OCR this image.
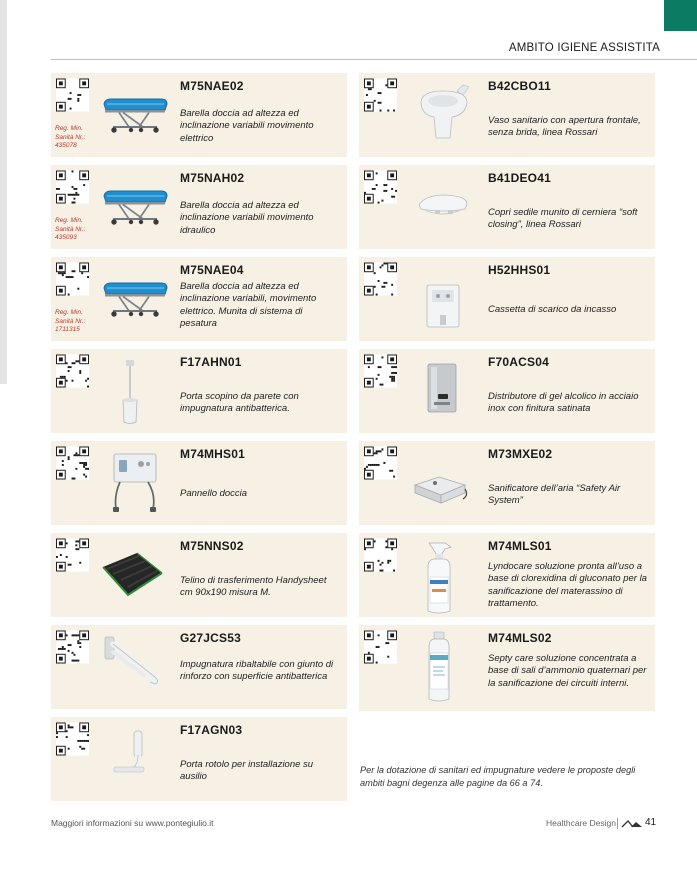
AMBITO IGIENE ASSISTITA
M75NAE02
Barella doccia ad altezza ed inclinazione variabili movimento elettrico
Reg. Min.
Sanità Nr.:
435078
M75NAH02
Barella doccia ad altezza ed inclinazione variabili movimento idraulico
Reg. Min.
Sanità Nr.:
435093
M75NAE04
Barella doccia ad altezza ed inclinazione variabili, movimento elettrico. Munita di sistema di pesatura
Reg. Min.
Sanità Nr.:
1711315
F17AHN01
Porta scopino da parete con impugnatura antibatterica.
M74MHS01
Pannello doccia
M75NNS02
Telino di trasferimento Handysheet cm 90x190 misura M.
G27JCS53
Impugnatura ribaltabile con giunto di rinforzo con superficie antibatterica
F17AGN03
Porta rotolo per installazione su ausilio
B42CBO11
Vaso sanitario con apertura frontale, senza brida, linea Rossari
B41DEO41
Copri sedile munito di cerniera “soft closing”, linea Rossari
H52HHS01
Cassetta di scarico da incasso
F70ACS04
Distributore di gel alcolico in acciaio inox con finitura satinata
M73MXE02
Sanificatore dell’aria “Safety Air System”
M74MLS01
Lyndocare soluzione pronta all’uso a base di clorexidina di gluconato per la sanificazione del materassino di trattamento.
M74MLS02
Septy care soluzione concentrata a base di sali d’ammonio quaternari per la sanificazione dei circuiti interni.
Per la dotazione di sanitari ed impugnature vedere le proposte degli ambiti bagni degenza alle pagine da 66 a 74.
Maggiori informazioni su www.pontegiulio.it	Healthcare Design	41
